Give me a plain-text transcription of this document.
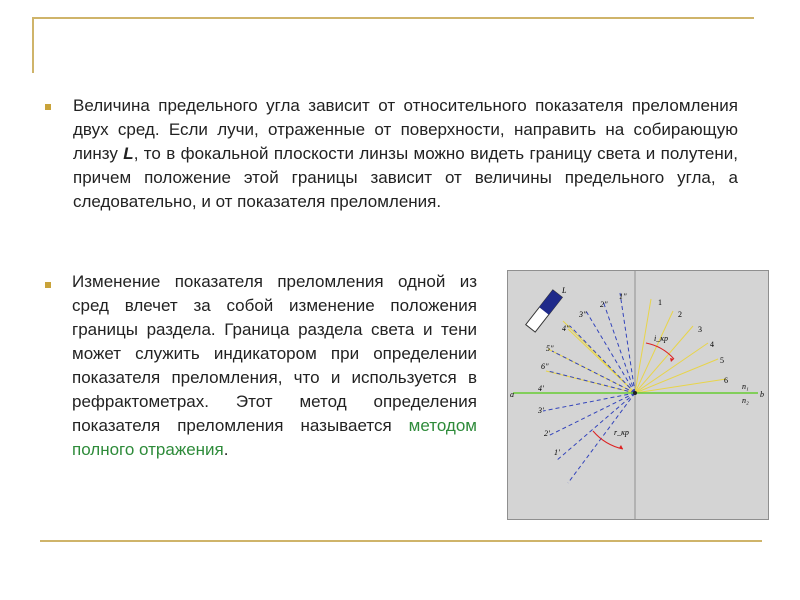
Величина предельного угла зависит от относительного показателя преломления двух сред. Если лучи, отраженные от поверхности, направить на собирающую линзу L, то в фокальной плоскости линзы можно видеть границу света и полутени, причем положение этой границы зависит от величины предельного угла, а следовательно, и от показателя преломления.
Изменение показателя преломления одной из сред влечет за собой изменение положения границы раздела. Граница раздела света и тени может служить индикатором при определении показателя преломления, что и используется в рефрактометрах. Этот метод определения показателя преломления называется методом полного отражения.
L
1
2
3
4
5
6
1''
2''
3''
4''
5''
6''
4'
3'
2'
1'
a	b
n₁
n₂
i_кр
r_кр
